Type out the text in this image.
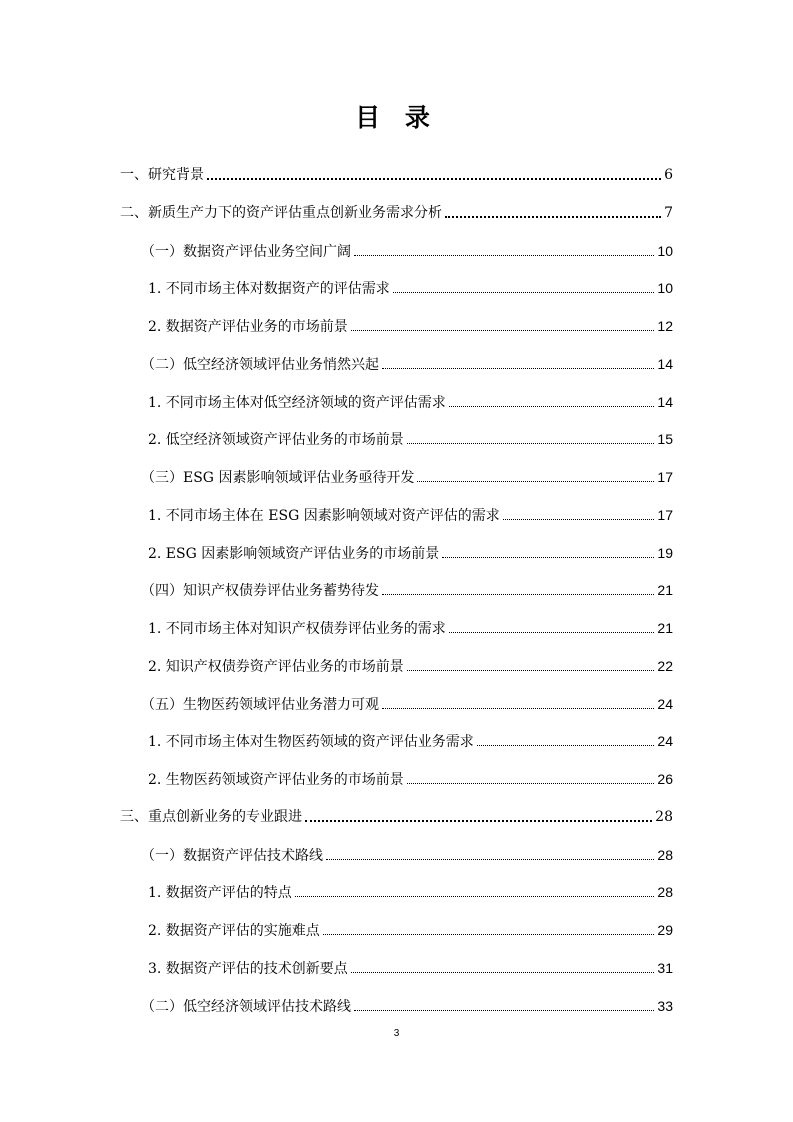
目 录
一、研究背景	6
二、新质生产力下的资产评估重点创新业务需求分析	7
（一）数据资产评估业务空间广阔	10
1. 不同市场主体对数据资产的评估需求	10
2. 数据资产评估业务的市场前景	12
（二）低空经济领域评估业务悄然兴起	14
1. 不同市场主体对低空经济领域的资产评估需求	14
2. 低空经济领域资产评估业务的市场前景	15
（三）ESG 因素影响领域评估业务亟待开发	17
1. 不同市场主体在 ESG 因素影响领域对资产评估的需求	17
2. ESG 因素影响领域资产评估业务的市场前景	19
（四）知识产权债券评估业务蓄势待发	21
1. 不同市场主体对知识产权债券评估业务的需求	21
2. 知识产权债券资产评估业务的市场前景	22
（五）生物医药领域评估业务潜力可观	24
1. 不同市场主体对生物医药领域的资产评估业务需求	24
2. 生物医药领域资产评估业务的市场前景	26
三、重点创新业务的专业跟进	28
（一）数据资产评估技术路线	28
1. 数据资产评估的特点	28
2. 数据资产评估的实施难点	29
3. 数据资产评估的技术创新要点	31
（二）低空经济领域评估技术路线	33
3
